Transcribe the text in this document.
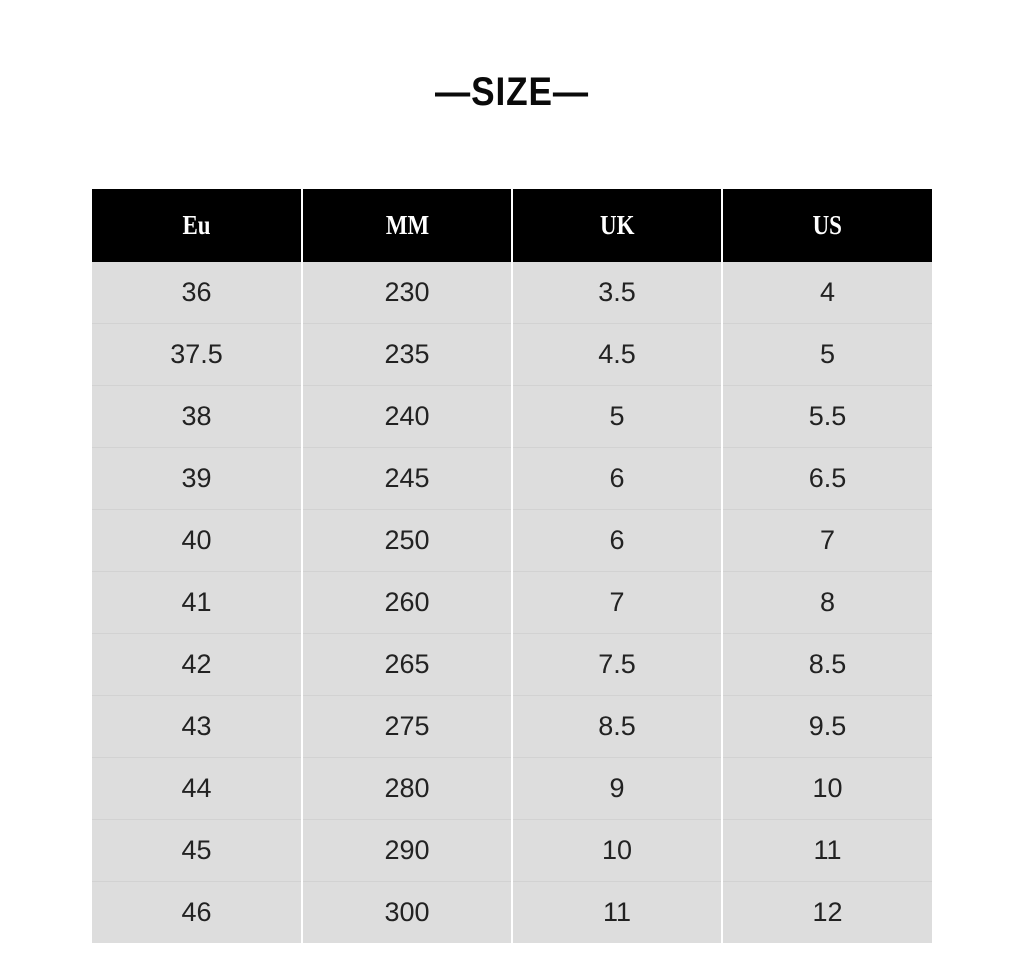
—SIZE—
Eu	MM	UK	US
36	230	3.5	4
37.5	235	4.5	5
38	240	5	5.5
39	245	6	6.5
40	250	6	7
41	260	7	8
42	265	7.5	8.5
43	275	8.5	9.5
44	280	9	10
45	290	10	11
46	300	11	12
